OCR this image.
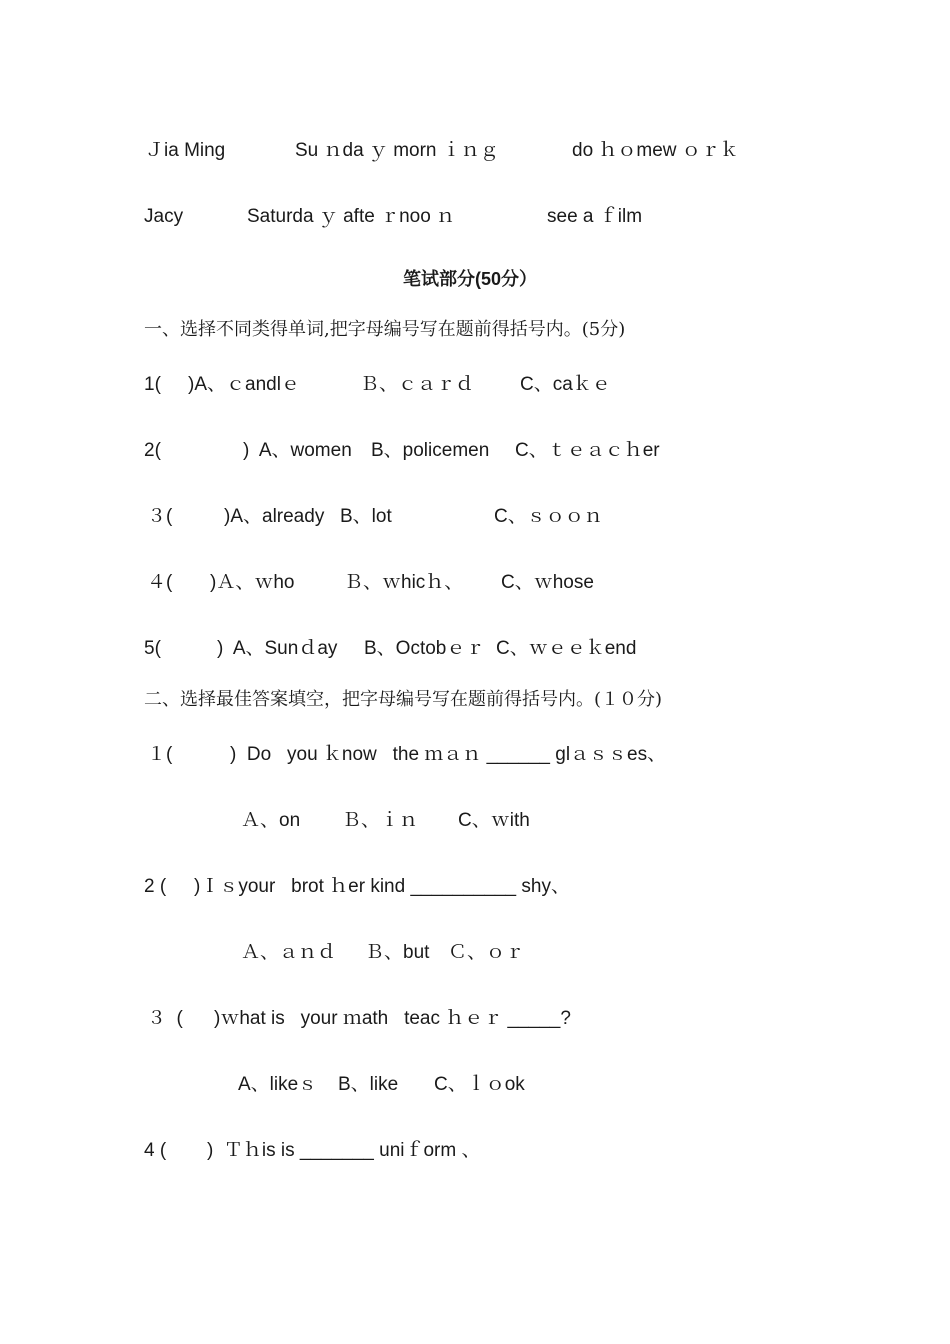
Ｊia Ming	Su ｎda ｙ morn ｉｎｇ	do ｈｏmew ｏｒｋ
Jacy	Saturda ｙ afte ｒnoo ｎ	see a ｆilm
笔试部分(50分）
一、选择不同类得单词,把字母编号写在题前得括号内。(5分)
1( )A、ｃandlｅ	Ｂ、ｃａｒｄ C、caｋｅ
2(	)  A、women B、policemen C、ｔｅａｃｈer
３(	)A、already B、lot	C、ｓｏｏｎ
４( )Ａ、ｗho	Ｂ、ｗhicｈ、 C、ｗhose
5(	)  A、Sunｄay B、Octobｅｒ C、ｗｅｅｋend
二、选择最佳答案填空，把字母编号写在题前得括号内。(１０分)
１(	)  Do   you ｋnow   the ｍａｎ ______ glａｓｓes、
Ａ、on Ｂ、ｉｎ C、ｗith
2 ( )Ｉｓyour   brot ｈer kind __________ shy、
Ａ、ａｎｄ Ｂ、but Ｃ、ｏｒ
３  ( )ｗhat is   your ｍath   teac ｈｅｒ _____?
A、likeｓ B、like C、ｌｏok
4 ( )  Ｔｈis is _______ uniｆorm 、
